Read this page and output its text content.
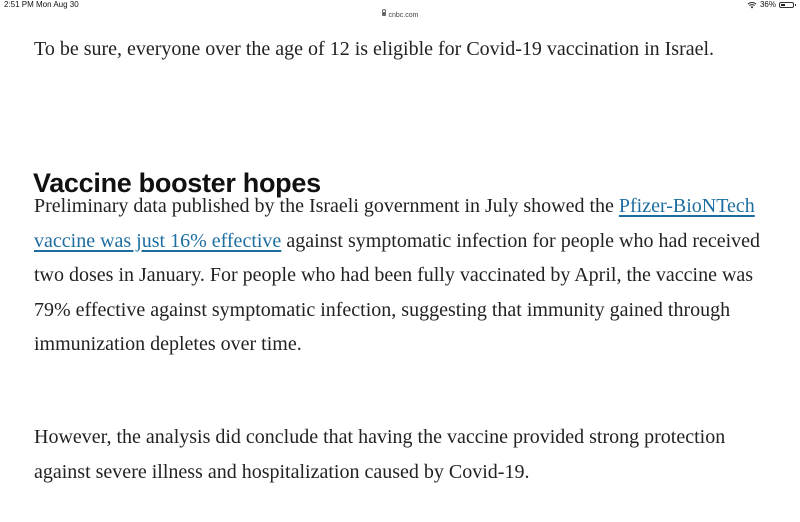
2:51 PM Mon Aug 30	36%
cnbc.com

To be sure, everyone over the age of 12 is eligible for Covid-19 vaccination in Israel.

Vaccine booster hopes

Preliminary data published by the Israeli government in July showed the Pfizer-BioNTech vaccine was just 16% effective against symptomatic infection for people who had received two doses in January. For people who had been fully vaccinated by April, the vaccine was 79% effective against symptomatic infection, suggesting that immunity gained through immunization depletes over time.

However, the analysis did conclude that having the vaccine provided strong protection against severe illness and hospitalization caused by Covid-19.
